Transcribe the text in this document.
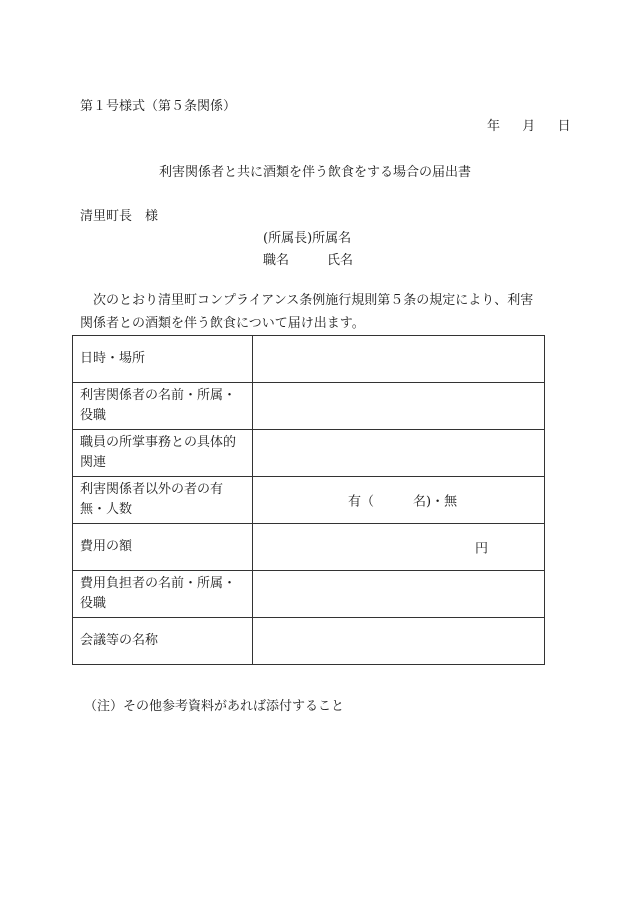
第１号様式（第５条関係）
年 月 日
利害関係者と共に酒類を伴う飲食をする場合の届出書
清里町長　様
(所属長)所属名
職名	氏名
次のとおり清里町コンプライアンス条例施行規則第５条の規定により、利害
関係者との酒類を伴う飲食について届け出ます。
日時・場所	
利害関係者の名前・所属・
役職	
職員の所掌事務との具体的
関連	
利害関係者以外の者の有
無・人数	有（　　　名)・無

費用の額	円

費用負担者の名前・所属・
役職	
会議等の名称	
（注）その他参考資料があれば添付すること
